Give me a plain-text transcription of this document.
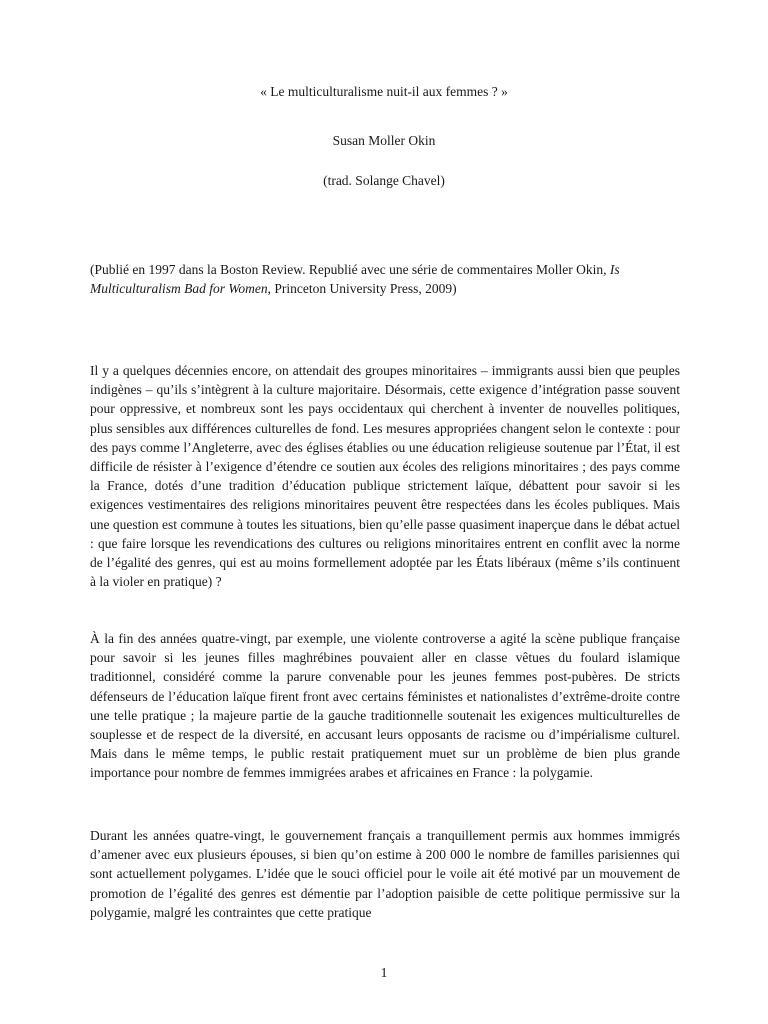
« Le multiculturalisme nuit-il aux femmes ? »
Susan Moller Okin
(trad. Solange Chavel)
(Publié en 1997 dans la Boston Review. Republié avec une série de commentaires Moller Okin, Is Multiculturalism Bad for Women, Princeton University Press, 2009)

Il y a quelques décennies encore, on attendait des groupes minoritaires – immigrants aussi bien que peuples indigènes – qu’ils s’intègrent à la culture majoritaire. Désormais, cette exigence d’intégration passe souvent pour oppressive, et nombreux sont les pays occidentaux qui cherchent à inventer de nouvelles politiques, plus sensibles aux différences culturelles de fond. Les mesures appropriées changent selon le contexte : pour des pays comme l’Angleterre, avec des églises établies ou une éducation religieuse soutenue par l’État, il est difficile de résister à l’exigence d’étendre ce soutien aux écoles des religions minoritaires ; des pays comme la France, dotés d’une tradition d’éducation publique strictement laïque, débattent pour savoir si les exigences vestimentaires des religions minoritaires peuvent être respectées dans les écoles publiques. Mais une question est commune à toutes les situations, bien qu’elle passe quasiment inaperçue dans le débat actuel : que faire lorsque les revendications des cultures ou religions minoritaires entrent en conflit avec la norme de l’égalité des genres, qui est au moins formellement adoptée par les États libéraux (même s’ils continuent à la violer en pratique) ?

À la fin des années quatre-vingt, par exemple, une violente controverse a agité la scène publique française pour savoir si les jeunes filles maghrébines pouvaient aller en classe vêtues du foulard islamique traditionnel, considéré comme la parure convenable pour les jeunes femmes post-pubères. De stricts défenseurs de l’éducation laïque firent front avec certains féministes et nationalistes d’extrême-droite contre une telle pratique ; la majeure partie de la gauche traditionnelle soutenait les exigences multiculturelles de souplesse et de respect de la diversité, en accusant leurs opposants de racisme ou d’impérialisme culturel. Mais dans le même temps, le public restait pratiquement muet sur un problème de bien plus grande importance pour nombre de femmes immigrées arabes et africaines en France : la polygamie.

Durant les années quatre-vingt, le gouvernement français a tranquillement permis aux hommes immigrés d’amener avec eux plusieurs épouses, si bien qu’on estime à 200 000 le nombre de familles parisiennes qui sont actuellement polygames. L’idée que le souci officiel pour le voile ait été motivé par un mouvement de promotion de l’égalité des genres est démentie par l’adoption paisible de cette politique permissive sur la polygamie, malgré les contraintes que cette pratique

1
